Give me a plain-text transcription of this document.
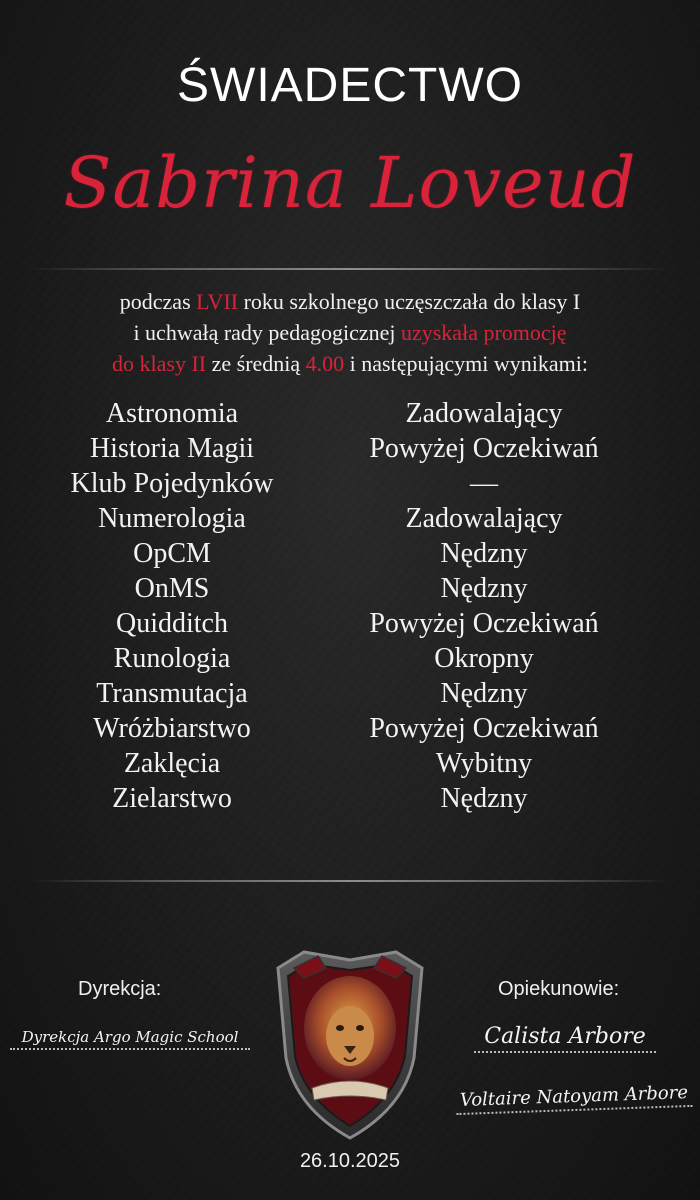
ŚWIADECTWO
Sabrina Loveud
podczas LVII roku szkolnego uczęszczała do klasy I
i uchwałą rady pedagogicznej uzyskała promocję
do klasy II ze średnią 4.00 i następującymi wynikami:
Astronomia
Historia Magii
Klub Pojedynków
Numerologia
OpCM
OnMS
Quidditch
Runologia
Transmutacja
Wróżbiarstwo
Zaklęcia
Zielarstwo
Zadowalający
Powyżej Oczekiwań
—
Zadowalający
Nędzny
Nędzny
Powyżej Oczekiwań
Okropny
Nędzny
Powyżej Oczekiwań
Wybitny
Nędzny
Dyrekcja:
Dyrekcja Argo Magic School
Opiekunowie:
Calista Arbore
Voltaire Natoyam Arbore
26.10.2025
